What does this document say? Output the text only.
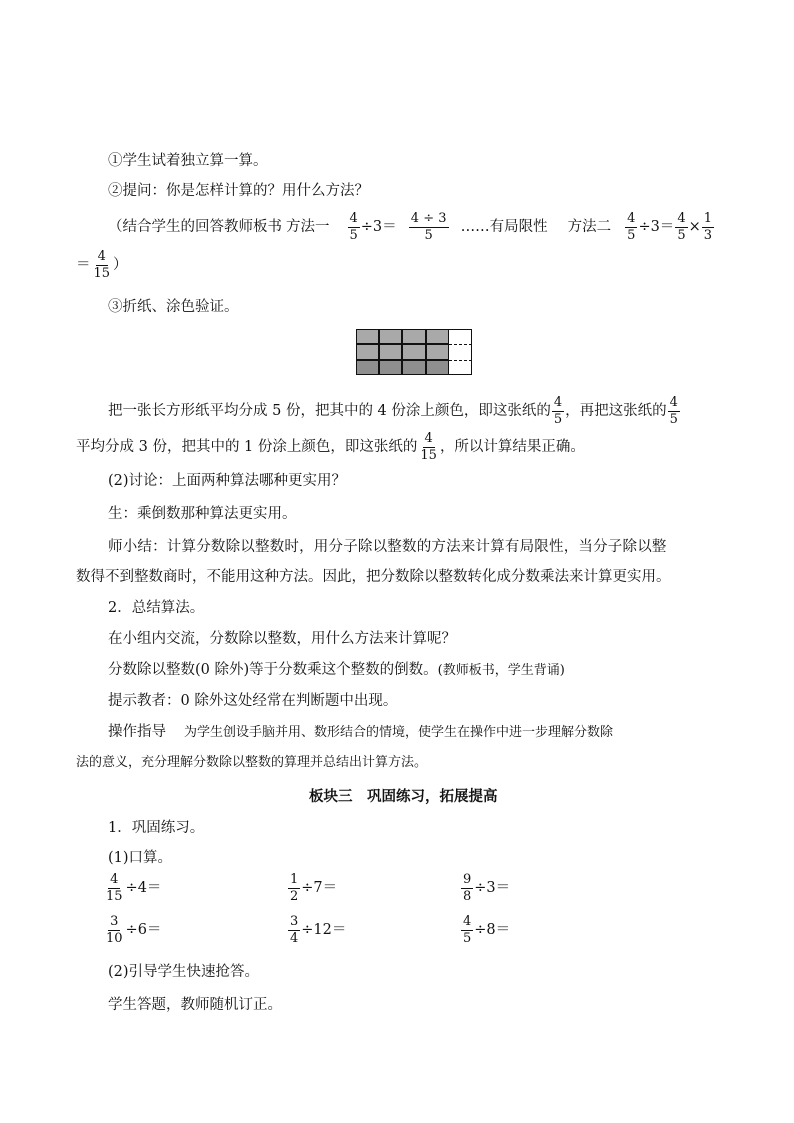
①学生试着独立算一算。
②提问：你是怎样计算的？用什么方法？
（结合学生的回答教师板书 方法一 $\frac{4}{5} \div 3= \frac{4 \div 3}{5}$ ……有局限性 方法二 $\frac{4}{5} \div 3= \frac{4}{5} \times \frac{1}{3}$
＝ $\frac{4}{15}$ ）
③折纸、涂色验证。
把一张长方形纸平均分成 5 份，把其中的 4 份涂上颜色，即这张纸的 $\frac{4}{5}$ ，再把这张纸的 $\frac{4}{5}$
平均分成 3 份，把其中的 1 份涂上颜色，即这张纸的 $\frac{4}{15}$ ，所以计算结果正确。
(2)讨论：上面两种算法哪种更实用？
生：乘倒数那种算法更实用。
师小结：计算分数除以整数时，用分子除以整数的方法来计算有局限性，当分子除以整
数得不到整数商时，不能用这种方法。因此，把分数除以整数转化成分数乘法来计算更实用。
2．总结算法。
在小组内交流，分数除以整数，用什么方法来计算呢？
分数除以整数(0 除外)等于分数乘这个整数的倒数。(教师板书，学生背诵)
提示教者：0 除外这处经常在判断题中出现。
操作指导 为学生创设手脑并用、数形结合的情境，使学生在操作中进一步理解分数除
法的意义，充分理解分数除以整数的算理并总结出计算方法。
板块三　巩固练习，拓展提高
1．巩固练习。
(1)口算。
$\frac{4}{15} \div 4=$	$\frac{1}{2} \div 7=$	$\frac{9}{8} \div 3=$
$\frac{3}{10} \div 6=$	$\frac{3}{4} \div 12=$	$\frac{4}{5} \div 8=$
(2)引导学生快速抢答。
学生答题，教师随机订正。
